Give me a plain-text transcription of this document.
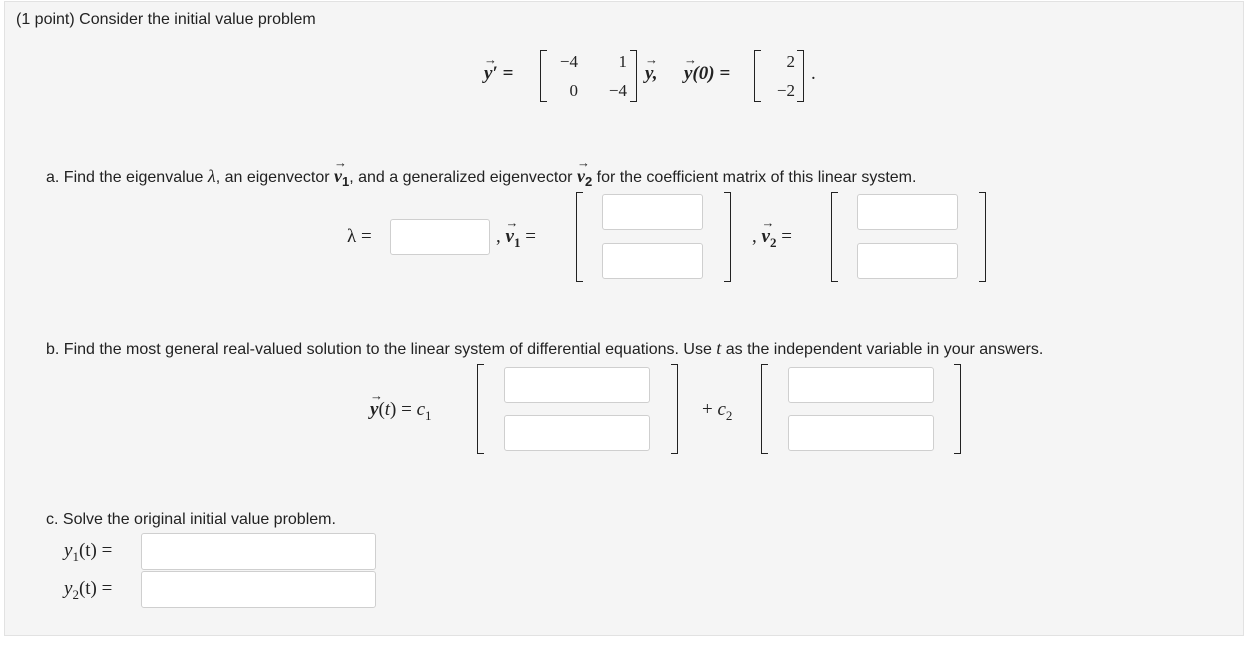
(1 point) Consider the initial value problem
→
y′ =
−4	1
0	−4
→
y,
→
y(0) =
2
−2
.
a. Find the eigenvalue λ, an eigenvector
→
$v_1$, and a generalized eigenvector
→
$v_2$ for the coefficient matrix of this linear system.
λ =	,
→
$v_1$ =	,
→
$v_2$ =
b. Find the most general real-valued solution to the linear system of differential equations. Use t as the independent variable in your answers.
→
$y(t) = c_1$	+ $c_2$
c. Solve the original initial value problem.
$y_1(t)$ =
$y_2(t)$ =
